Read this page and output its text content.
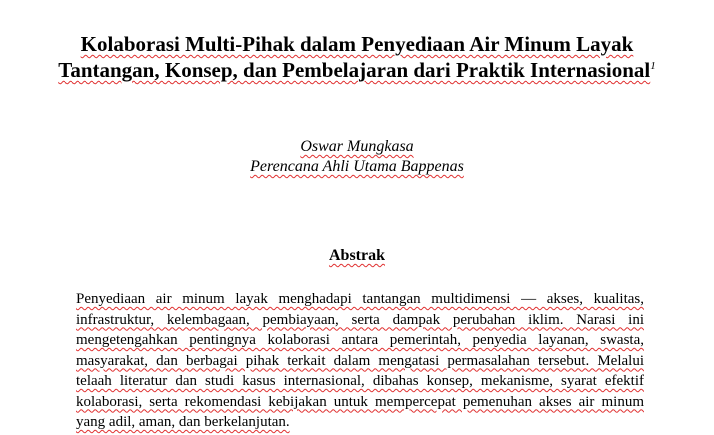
Kolaborasi Multi-Pihak dalam Penyediaan Air Minum Layak
Tantangan, Konsep, dan Pembelajaran dari Praktik Internasional$^1$
Oswar Mungkasa
Perencana Ahli Utama Bappenas
Abstrak

Penyediaan air minum layak menghadapi tantangan multidimensi — akses, kualitas, infrastruktur, kelembagaan, pembiayaan, serta dampak perubahan iklim. Narasi ini mengetengahkan pentingnya kolaborasi antara pemerintah, penyedia layanan, swasta, masyarakat, dan berbagai pihak terkait dalam mengatasi permasalahan tersebut. Melalui telaah literatur dan studi kasus internasional, dibahas konsep, mekanisme, syarat efektif kolaborasi, serta rekomendasi kebijakan untuk mempercepat pemenuhan akses air minum yang adil, aman, dan berkelanjutan.
